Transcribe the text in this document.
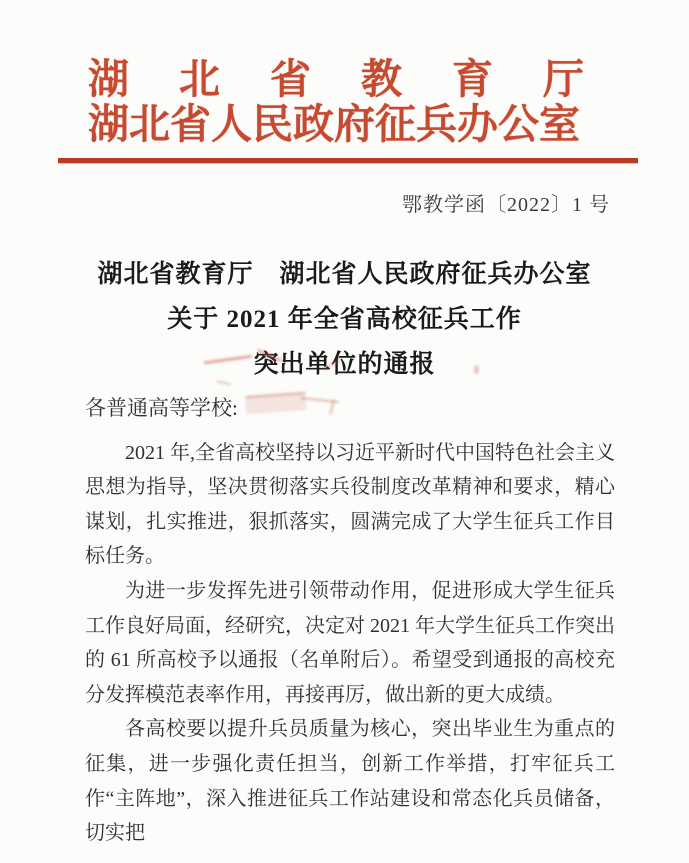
湖北省教育厅
湖北省人民政府征兵办公室
鄂教学函〔2022〕1 号
湖北省教育厅　湖北省人民政府征兵办公室
关于 2021 年全省高校征兵工作
突出单位的通报
各普通高等学校:

2021 年,全省高校坚持以习近平新时代中国特色社会主义思想为指导，坚决贯彻落实兵役制度改革精神和要求，精心谋划，扎实推进，狠抓落实，圆满完成了大学生征兵工作目标任务。

为进一步发挥先进引领带动作用，促进形成大学生征兵工作良好局面，经研究，决定对 2021 年大学生征兵工作突出的 61 所高校予以通报（名单附后）。希望受到通报的高校充分发挥模范表率作用，再接再厉，做出新的更大成绩。

各高校要以提升兵员质量为核心，突出毕业生为重点的征集，进一步强化责任担当，创新工作举措，打牢征兵工作“主阵地”，深入推进征兵工作站建设和常态化兵员储备，切实把
